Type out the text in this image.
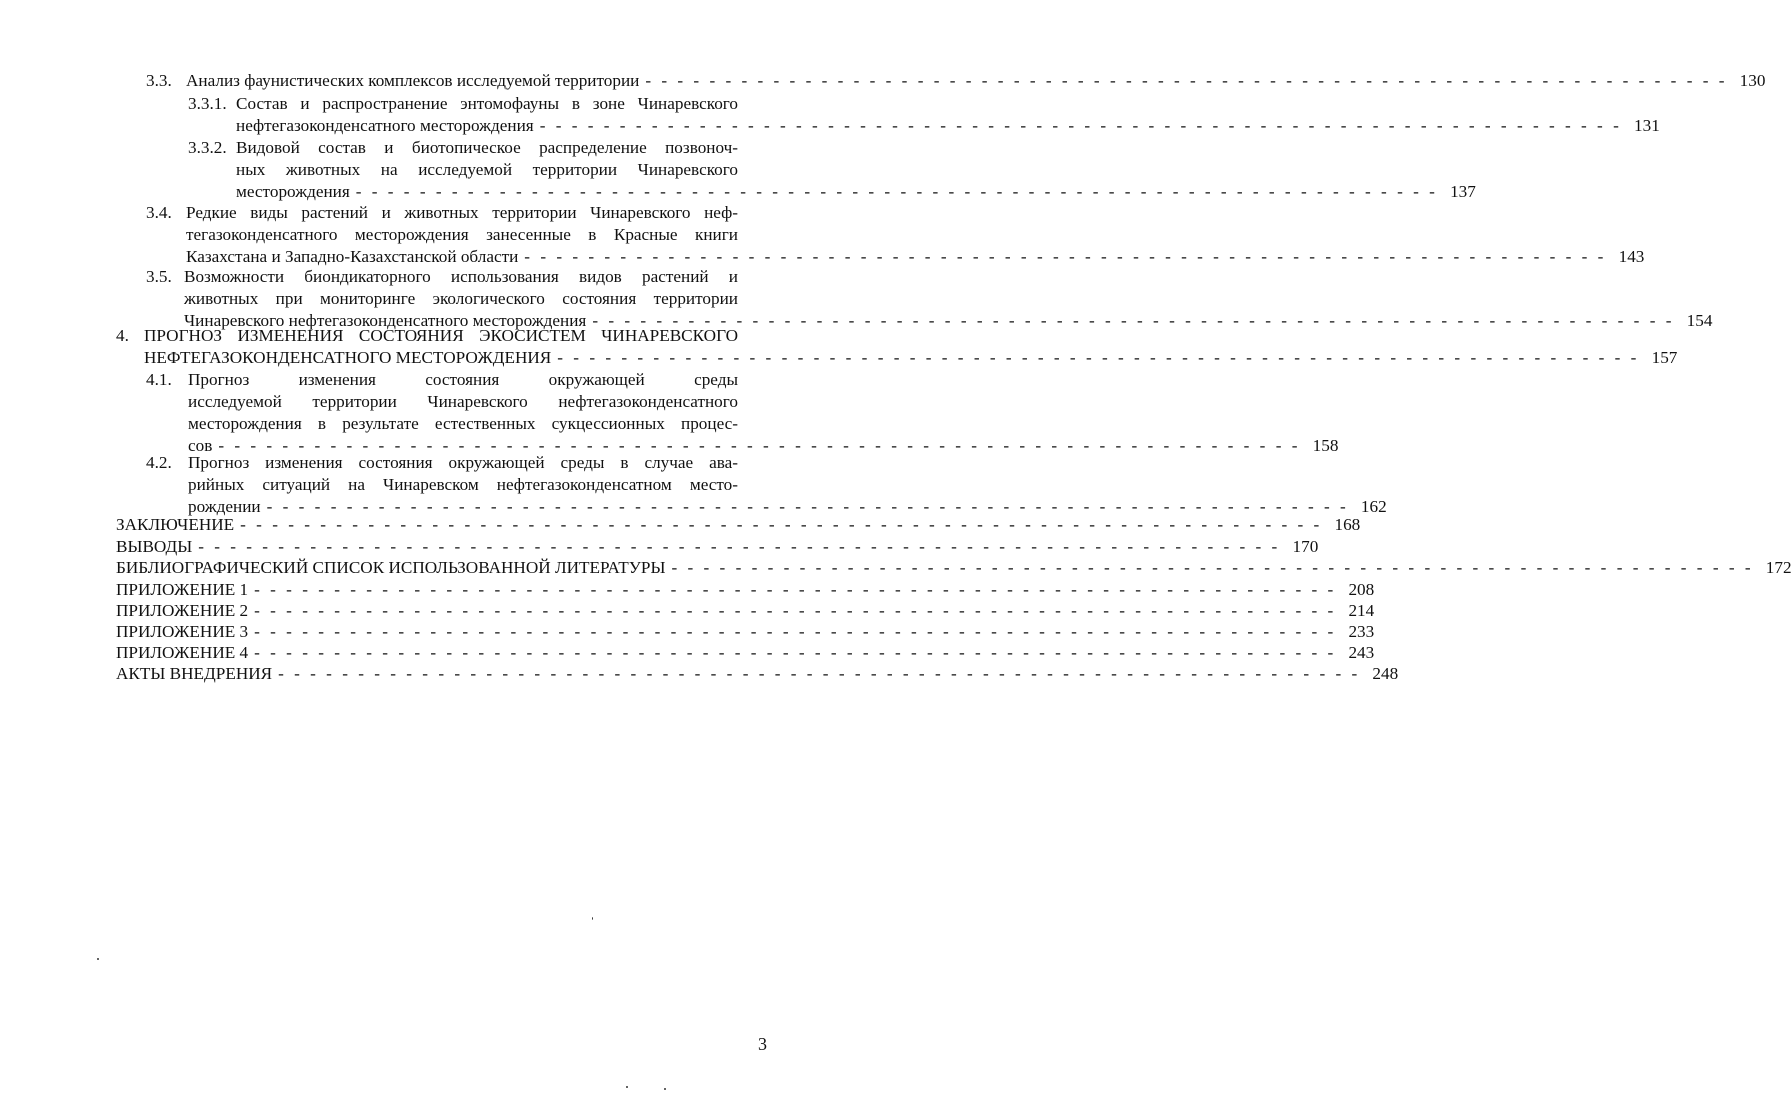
3.3. Анализ фаунистических комплексов исследуемой территории - - - - - - - - - - - - - - - - - - - - - - - - - - - - - - - - - - - - - - - - - - - - - - - - - - - - - - - - - - - - - - - - - - - - 130
3.3.1. Состав и распространение энтомофауны в зоне Чинаревского
нефтегазоконденсатного месторождения - - - - - - - - - - - - - - - - - - - - - - - - - - - - - - - - - - - - - - - - - - - - - - - - - - - - - - - - - - - - - - - - - - - - 131
3.3.2. Видовой состав и биотопическое распределение позвоноч-
ных животных на исследуемой территории Чинаревского
месторождения - - - - - - - - - - - - - - - - - - - - - - - - - - - - - - - - - - - - - - - - - - - - - - - - - - - - - - - - - - - - - - - - - - - - 137
3.4. Редкие виды растений и животных территории Чинаревского неф-
тегазоконденсатного месторождения занесенные в Красные книги
Казахстана и Западно-Казахстанской области - - - - - - - - - - - - - - - - - - - - - - - - - - - - - - - - - - - - - - - - - - - - - - - - - - - - - - - - - - - - - - - - - - - - 143
3.5. Возможности биондикаторного использования видов растений и
животных при мониторинге экологического состояния территории
Чинаревского нефтегазоконденсатного месторождения - - - - - - - - - - - - - - - - - - - - - - - - - - - - - - - - - - - - - - - - - - - - - - - - - - - - - - - - - - - - - - - - - - - - 154
4. ПРОГНОЗ ИЗМЕНЕНИЯ СОСТОЯНИЯ ЭКОСИСТЕМ ЧИНАРЕВСКОГО
НЕФТЕГАЗОКОНДЕНСАТНОГО МЕСТОРОЖДЕНИЯ - - - - - - - - - - - - - - - - - - - - - - - - - - - - - - - - - - - - - - - - - - - - - - - - - - - - - - - - - - - - - - - - - - - - 157
4.1. Прогноз изменения состояния окружающей среды
исследуемой территории Чинаревского нефтегазоконденсатного
месторождения в результате естественных сукцессионных процес-
сов - - - - - - - - - - - - - - - - - - - - - - - - - - - - - - - - - - - - - - - - - - - - - - - - - - - - - - - - - - - - - - - - - - - - 158
4.2. Прогноз изменения состояния окружающей среды в случае ава-
рийных ситуаций на Чинаревском нефтегазоконденсатном место-
рождении - - - - - - - - - - - - - - - - - - - - - - - - - - - - - - - - - - - - - - - - - - - - - - - - - - - - - - - - - - - - - - - - - - - - 162
ЗАКЛЮЧЕНИЕ - - - - - - - - - - - - - - - - - - - - - - - - - - - - - - - - - - - - - - - - - - - - - - - - - - - - - - - - - - - - - - - - - - - - 168
ВЫВОДЫ - - - - - - - - - - - - - - - - - - - - - - - - - - - - - - - - - - - - - - - - - - - - - - - - - - - - - - - - - - - - - - - - - - - - 170
БИБЛИОГРАФИЧЕСКИЙ СПИСОК ИСПОЛЬЗОВАННОЙ ЛИТЕРАТУРЫ - - - - - - - - - - - - - - - - - - - - - - - - - - - - - - - - - - - - - - - - - - - - - - - - - - - - - - - - - - - - - - - - - - - - 172
ПРИЛОЖЕНИЕ 1 - - - - - - - - - - - - - - - - - - - - - - - - - - - - - - - - - - - - - - - - - - - - - - - - - - - - - - - - - - - - - - - - - - - - 208
ПРИЛОЖЕНИЕ 2 - - - - - - - - - - - - - - - - - - - - - - - - - - - - - - - - - - - - - - - - - - - - - - - - - - - - - - - - - - - - - - - - - - - - 214
ПРИЛОЖЕНИЕ 3 - - - - - - - - - - - - - - - - - - - - - - - - - - - - - - - - - - - - - - - - - - - - - - - - - - - - - - - - - - - - - - - - - - - - 233
ПРИЛОЖЕНИЕ 4 - - - - - - - - - - - - - - - - - - - - - - - - - - - - - - - - - - - - - - - - - - - - - - - - - - - - - - - - - - - - - - - - - - - - 243
АКТЫ ВНЕДРЕНИЯ - - - - - - - - - - - - - - - - - - - - - - - - - - - - - - - - - - - - - - - - - - - - - - - - - - - - - - - - - - - - - - - - - - - - 248
3
